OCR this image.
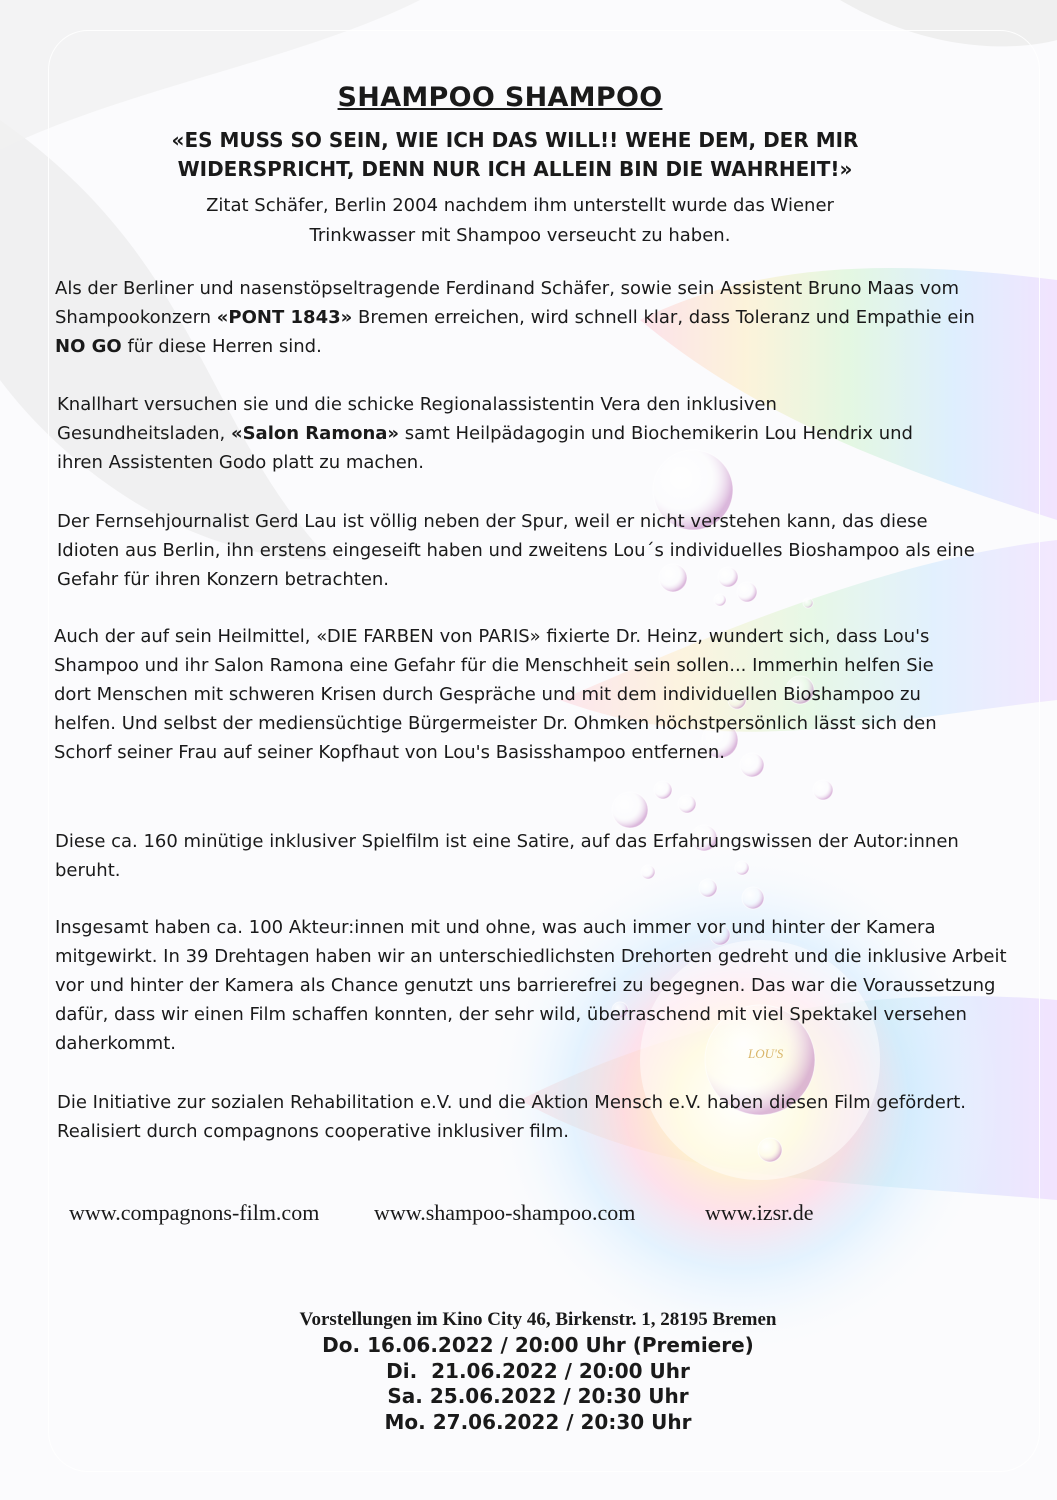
LOU'S
SHAMPOO SHAMPOO
«ES MUSS SO SEIN, WIE ICH DAS WILL!! WEHE DEM, DER MIR
WIDERSPRICHT, DENN NUR ICH ALLEIN BIN DIE WAHRHEIT!»
Zitat Schäfer, Berlin 2004 nachdem ihm unterstellt wurde das Wiener
Trinkwasser mit Shampoo verseucht zu haben.

Als der Berliner und nasenstöpseltragende Ferdinand Schäfer, sowie sein Assistent Bruno Maas vom Shampookonzern «PONT 1843» Bremen erreichen, wird schnell klar, dass Toleranz und Empathie ein NO GO für diese Herren sind.

Knallhart versuchen sie und die schicke Regionalassistentin Vera den inklusiven Gesundheitsladen, «Salon Ramona» samt Heilpädagogin und Biochemikerin Lou Hendrix und ihren Assistenten Godo platt zu machen.

Der Fernsehjournalist Gerd Lau ist völlig neben der Spur, weil er nicht verstehen kann, das diese Idioten aus Berlin, ihn erstens eingeseift haben und zweitens Lou´s individuelles Bioshampoo als eine Gefahr für ihren Konzern betrachten.

Auch der auf sein Heilmittel, «DIE FARBEN von PARIS» fixierte Dr. Heinz, wundert sich, dass Lou's Shampoo und ihr Salon Ramona eine Gefahr für die Menschheit sein sollen... Immerhin helfen Sie dort Menschen mit schweren Krisen durch Gespräche und mit dem individuellen Bioshampoo zu helfen. Und selbst der mediensüchtige Bürgermeister Dr. Ohmken höchstpersönlich lässt sich den Schorf seiner Frau auf seiner Kopfhaut von Lou's Basisshampoo entfernen.

Diese ca. 160 minütige inklusiver Spielfilm ist eine Satire, auf das Erfahrungswissen der Autor:innen beruht.

Insgesamt haben ca. 100 Akteur:innen mit und ohne, was auch immer vor und hinter der Kamera mitgewirkt. In 39 Drehtagen haben wir an unterschiedlichsten Drehorten gedreht und die inklusive Arbeit vor und hinter der Kamera als Chance genutzt uns barrierefrei zu begegnen. Das war die Voraussetzung dafür, dass wir einen Film schaffen konnten, der sehr wild, überraschend mit viel Spektakel versehen daherkommt.

Die Initiative zur sozialen Rehabilitation e.V. und die Aktion Mensch e.V. haben diesen Film gefördert. Realisiert durch compagnons cooperative inklusiver film.

www.compagnons-film.com www.shampoo-shampoo.com	www.izsr.de
Vorstellungen im Kino City 46, Birkenstr. 1, 28195 Bremen
Do. 16.06.2022 / 20:00 Uhr (Premiere)
Di.  21.06.2022 / 20:00 Uhr
Sa. 25.06.2022 / 20:30 Uhr
Mo. 27.06.2022 / 20:30 Uhr
